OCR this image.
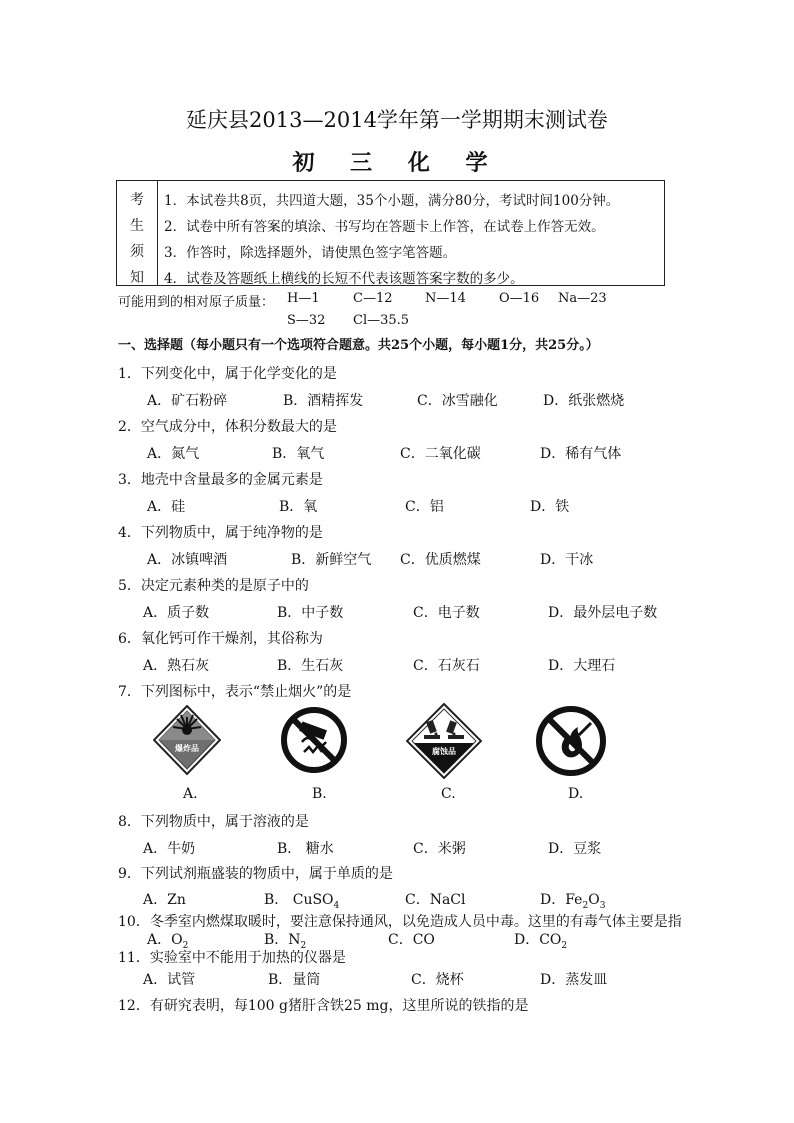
延庆县2013—2014学年第一学期期末测试卷
初 三 化 学
考
生
须
知
1．本试卷共8页，共四道大题，35个小题，满分80分，考试时间100分钟。
2．试卷中所有答案的填涂、书写均在答题卡上作答，在试卷上作答无效。
3．作答时，除选择题外，请使黑色签字笔答题。
4．试卷及答题纸上横线的长短不代表该题答案字数的多少。
可能用到的相对原子质量： H—1	C—12	N—14	O—16 Na—23
S—32 Cl—35.5
一、选择题（每小题只有一个选项符合题意。共25个小题，每小题1分，共25分。）
1．下列变化中，属于化学变化的是
A．矿石粉碎	B．酒精挥发	C．冰雪融化	D．纸张燃烧
2．空气成分中，体积分数最大的是
A．氮气	B．氧气	C．二氧化碳	D．稀有气体
3．地壳中含量最多的金属元素是
A．硅	B．氧	C．铝	D．铁
4．下列物质中，属于纯净物的是
A．冰镇啤酒	B．新鲜空气 C．优质燃煤	D．干冰
5．决定元素种类的是原子中的
A．质子数	B．中子数	C．电子数	D．最外层电子数
6．氧化钙可作干燥剂，其俗称为
A．熟石灰	B．生石灰	C．石灰石	D．大理石
7．下列图标中，表示“禁止烟火”的是
爆炸品	腐蚀品
A.	B.	C.	D.
8．下列物质中，属于溶液的是
A．牛奶	B． 糖水	C．米粥	D．豆浆
9．下列试剂瓶盛装的物质中，属于单质的是
A．Zn	B． CuSO$_4$	C．NaCl	D．$Fe_2O_3$
10．冬季室内燃煤取暖时，要注意保持通风，以免造成人员中毒。这里的有毒气体主要是指
A．$O_2$	B．$N_2$	C．CO	D．$CO_2$
11．实验室中不能用于加热的仪器是
A．试管	B．量筒	C．烧杯	D．蒸发皿
12．有研究表明，每100 g猪肝含铁25 mg，这里所说的铁指的是
